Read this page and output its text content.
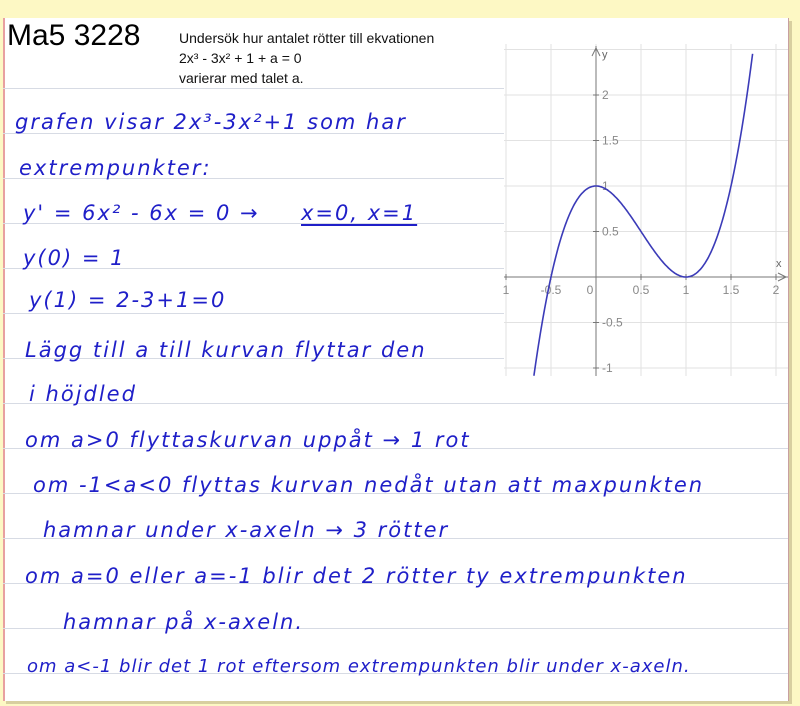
Ma5 3228	Undersök hur antalet rötter till ekvationen
2x³ - 3x² + 1 + a = 0
varierar med talet a.
grafen visar 2x³-3x²+1 som har
extrempunkter:
y' = 6x² - 6x = 0 → x=0, x=1
y(0) = 1
y(1) = 2-3+1=0
Lägg till a till kurvan flyttar den
i höjdled
om a>0 flyttaskurvan uppåt → 1 rot
om -1<a<0 flyttas kurvan nedåt utan att maxpunkten
hamnar under x-axeln → 3 rötter
om a=0 eller a=-1 blir det 2 rötter ty extrempunkten
hamnar på x-axeln.
om a<-1 blir det 1 rot eftersom extrempunkten blir under x-axeln.
x
y
1	-0.5 0	0.5	1	1.5	2
2
1.5
1
0.5
-0.5
-1
